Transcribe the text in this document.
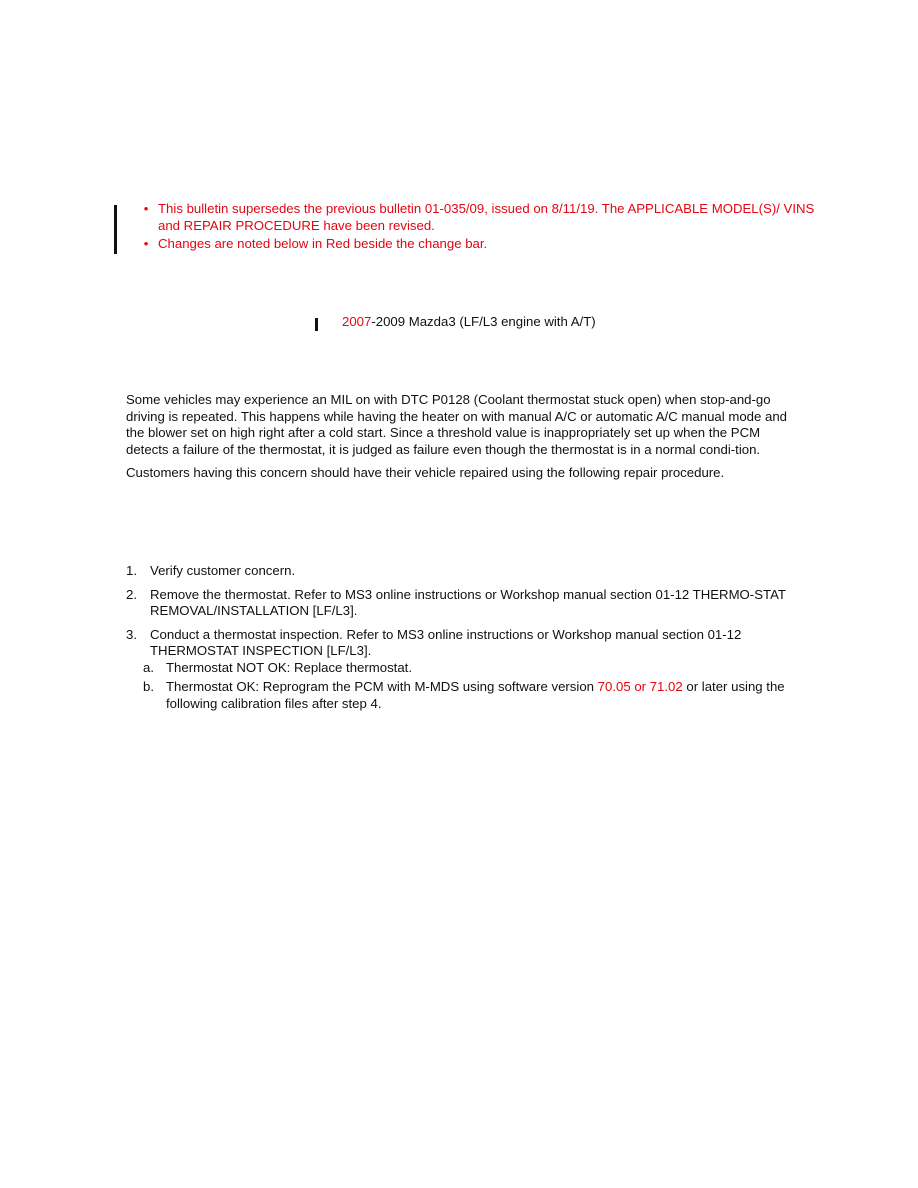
• This bulletin supersedes the previous bulletin 01-035/09, issued on 8/11/19. The APPLICABLE MODEL(S)/ VINS and REPAIR PROCEDURE have been revised.
• Changes are noted below in Red beside the change bar.
2007-2009 Mazda3 (LF/L3 engine with A/T)

Some vehicles may experience an MIL on with DTC P0128 (Coolant thermostat stuck open) when stop-and-go driving is repeated. This happens while having the heater on with manual A/C or automatic A/C manual mode and the blower set on high right after a cold start. Since a threshold value is inappropriately set up when the PCM detects a failure of the thermostat, it is judged as failure even though the thermostat is in a normal condi-tion.

Customers having this concern should have their vehicle repaired using the following repair procedure.

1. Verify customer concern.
2. Remove the thermostat. Refer to MS3 online instructions or Workshop manual section 01-12 THERMO-STAT REMOVAL/INSTALLATION [LF/L3].
3. Conduct a thermostat inspection. Refer to MS3 online instructions or Workshop manual section 01-12 THERMOSTAT INSPECTION [LF/L3].
a. Thermostat NOT OK: Replace thermostat.
b. Thermostat OK: Reprogram the PCM with M-MDS using software version 70.05 or 71.02 or later using the following calibration files after step 4.
